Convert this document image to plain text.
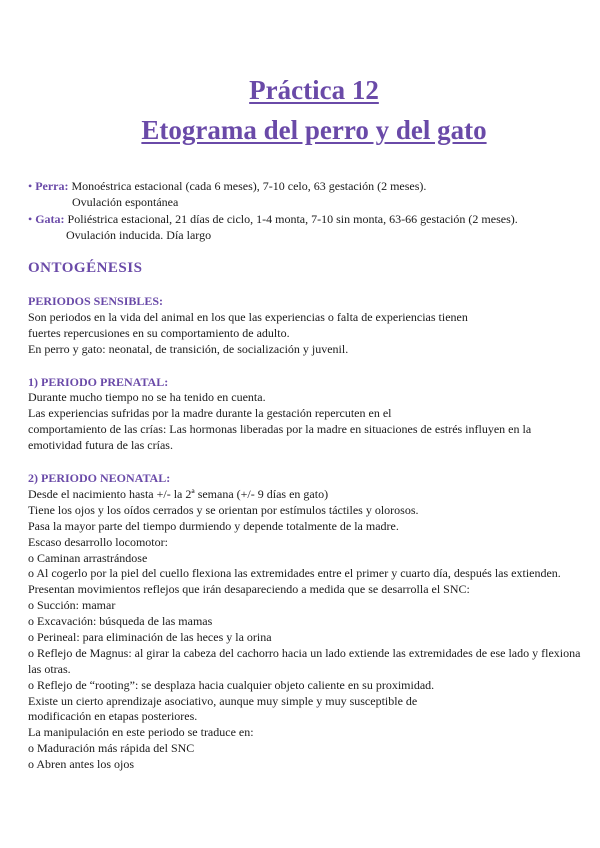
Práctica 12
Etograma del perro y del gato
• Perra: Monoéstrica estacional (cada 6 meses), 7-10 celo, 63 gestación (2 meses).
Ovulación espontánea
• Gata: Poliéstrica estacional, 21 días de ciclo, 1-4 monta, 7-10 sin monta, 63-66 gestación (2 meses).
Ovulación inducida. Día largo
ONTOGÉNESIS
PERIODOS SENSIBLES:
Son periodos en la vida del animal en los que las experiencias o falta de experiencias tienen
fuertes repercusiones en su comportamiento de adulto.
En perro y gato: neonatal, de transición, de socialización y juvenil.
1) PERIODO PRENATAL:
Durante mucho tiempo no se ha tenido en cuenta.
Las experiencias sufridas por la madre durante la gestación repercuten en el
comportamiento de las crías: Las hormonas liberadas por la madre en situaciones de estrés influyen en la
emotividad futura de las crías.
2) PERIODO NEONATAL:
Desde el nacimiento hasta +/- la 2ª semana (+/- 9 días en gato)
Tiene los ojos y los oídos cerrados y se orientan por estímulos táctiles y olorosos.
Pasa la mayor parte del tiempo durmiendo y depende totalmente de la madre.
Escaso desarrollo locomotor:
o Caminan arrastrándose
o Al cogerlo por la piel del cuello flexiona las extremidades entre el primer y cuarto día, después las extienden.
Presentan movimientos reflejos que irán desapareciendo a medida que se desarrolla el SNC:
o Succión: mamar
o Excavación: búsqueda de las mamas
o Perineal: para eliminación de las heces y la orina
o Reflejo de Magnus: al girar la cabeza del cachorro hacia un lado extiende las extremidades de ese lado y flexiona
las otras.
o Reflejo de “rooting”: se desplaza hacia cualquier objeto caliente en su proximidad.
Existe un cierto aprendizaje asociativo, aunque muy simple y muy susceptible de
modificación en etapas posteriores.
La manipulación en este periodo se traduce en:
o Maduración más rápida del SNC
o Abren antes los ojos
